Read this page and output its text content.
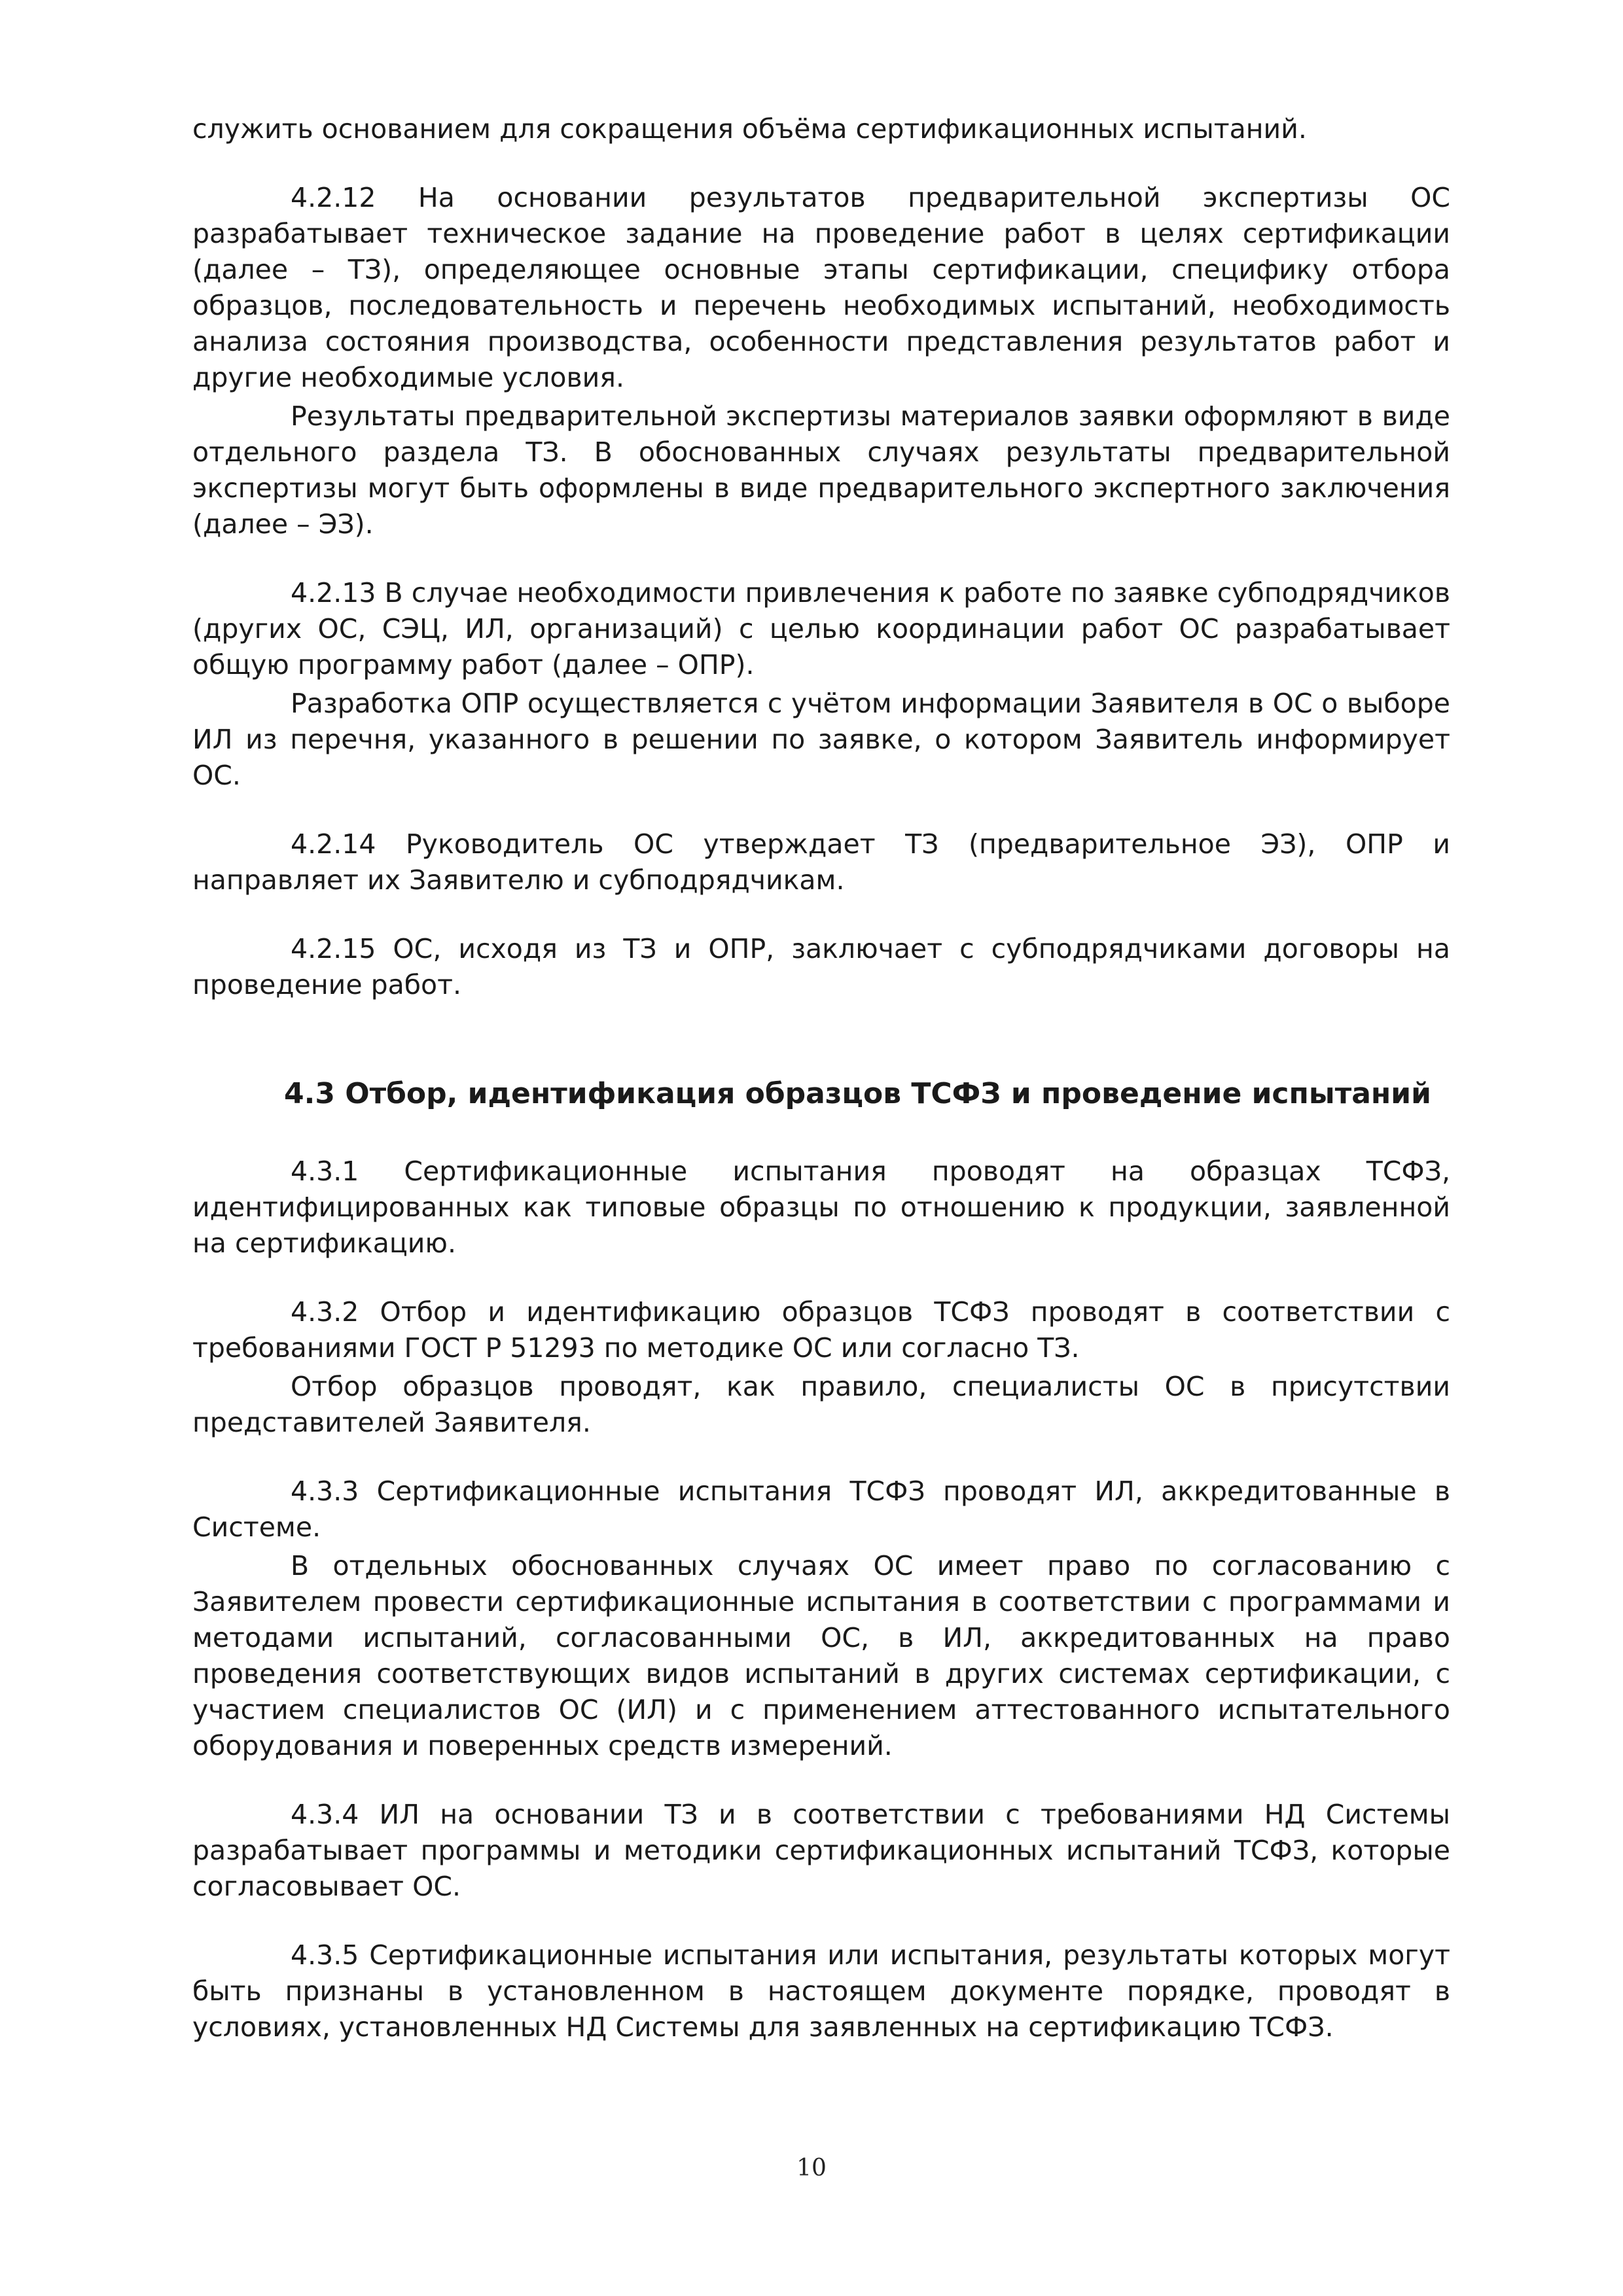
служить основанием для сокращения объёма сертификационных испытаний.

4.2.12 На основании результатов предварительной экспертизы ОС разрабатывает техническое задание на проведение работ в целях сертификации (далее – ТЗ), определяющее основные этапы сертификации, специфику отбора образцов, последовательность и перечень необходимых испытаний, необходимость анализа состояния производства, особенности представления результатов работ и другие необходимые условия.

Результаты предварительной экспертизы материалов заявки оформляют в виде отдельного раздела ТЗ. В обоснованных случаях результаты предварительной экспертизы могут быть оформлены в виде предварительного экспертного заключения (далее – ЭЗ).

4.2.13 В случае необходимости привлечения к работе по заявке субподрядчиков (других ОС, СЭЦ, ИЛ, организаций) с целью координации работ ОС разрабатывает общую программу работ (далее – ОПР).

Разработка ОПР осуществляется с учётом информации Заявителя в ОС о выборе ИЛ из перечня, указанного в решении по заявке, о котором Заявитель информирует ОС.

4.2.14 Руководитель ОС утверждает ТЗ (предварительное ЭЗ), ОПР и направляет их Заявителю и субподрядчикам.

4.2.15 ОС, исходя из ТЗ и ОПР, заключает с субподрядчиками договоры на проведение работ.

4.3 Отбор, идентификация образцов ТСФЗ и проведение испытаний

4.3.1 Сертификационные испытания проводят на образцах ТСФЗ, идентифицированных как типовые образцы по отношению к продукции, заявленной на сертификацию.

4.3.2 Отбор и идентификацию образцов ТСФЗ проводят в соответствии с требованиями ГОСТ Р 51293 по методике ОС или согласно ТЗ.

Отбор образцов проводят, как правило, специалисты ОС в присутствии представителей Заявителя.

4.3.3 Сертификационные испытания ТСФЗ проводят ИЛ, аккредитованные в Системе.

В отдельных обоснованных случаях ОС имеет право по согласованию с Заявителем провести сертификационные испытания в соответствии с программами и методами испытаний, согласованными ОС, в ИЛ, аккредитованных на право проведения соответствующих видов испытаний в других системах сертификации, с участием специалистов ОС (ИЛ) и с применением аттестованного испытательного оборудования и поверенных средств измерений.

4.3.4 ИЛ на основании ТЗ и в соответствии с требованиями НД Системы разрабатывает программы и методики сертификационных испытаний ТСФЗ, которые согласовывает ОС.

4.3.5 Сертификационные испытания или испытания, результаты которых могут быть признаны в установленном в настоящем документе порядке, проводят в условиях, установленных НД Системы для заявленных на сертификацию ТСФЗ.

10
